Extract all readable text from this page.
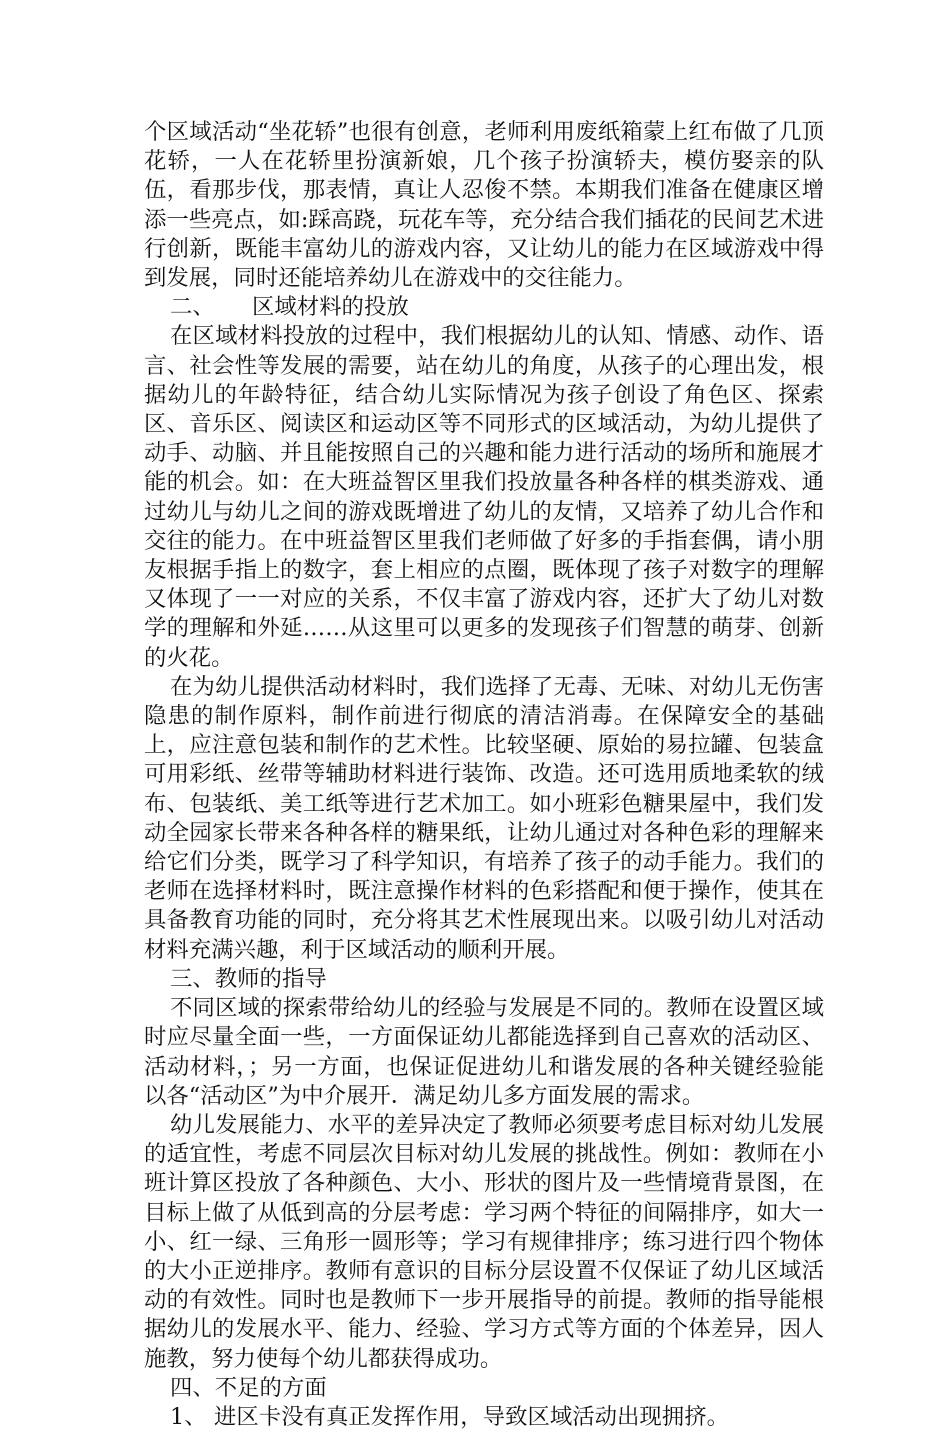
个区域活动“坐花轿”也很有创意，老师利用废纸箱蒙上红布做了几顶花轿，一人在花轿里扮演新娘，几个孩子扮演轿夫，模仿娶亲的队伍，看那步伐，那表情，真让人忍俊不禁。本期我们准备在健康区增添一些亮点，如:踩高跷，玩花车等，充分结合我们插花的民间艺术进行创新，既能丰富幼儿的游戏内容，又让幼儿的能力在区域游戏中得到发展，同时还能培养幼儿在游戏中的交往能力。

二、 区域材料的投放

在区域材料投放的过程中，我们根据幼儿的认知、情感、动作、语言、社会性等发展的需要，站在幼儿的角度，从孩子的心理出发，根据幼儿的年龄特征，结合幼儿实际情况为孩子创设了角色区、探索区、音乐区、阅读区和运动区等不同形式的区域活动，为幼儿提供了动手、动脑、并且能按照自己的兴趣和能力进行活动的场所和施展才能的机会。如：在大班益智区里我们投放量各种各样的棋类游戏、通过幼儿与幼儿之间的游戏既增进了幼儿的友情，又培养了幼儿合作和交往的能力。在中班益智区里我们老师做了好多的手指套偶，请小朋友根据手指上的数字，套上相应的点圈，既体现了孩子对数字的理解又体现了一一对应的关系，不仅丰富了游戏内容，还扩大了幼儿对数学的理解和外延……从这里可以更多的发现孩子们智慧的萌芽、创新的火花。

在为幼儿提供活动材料时，我们选择了无毒、无味、对幼儿无伤害隐患的制作原料，制作前进行彻底的清洁消毒。在保障安全的基础上，应注意包装和制作的艺术性。比较坚硬、原始的易拉罐、包装盒可用彩纸、丝带等辅助材料进行装饰、改造。还可选用质地柔软的绒布、包装纸、美工纸等进行艺术加工。如小班彩色糖果屋中，我们发动全园家长带来各种各样的糖果纸，让幼儿通过对各种色彩的理解来给它们分类，既学习了科学知识，有培养了孩子的动手能力。我们的老师在选择材料时，既注意操作材料的色彩搭配和便于操作，使其在具备教育功能的同时，充分将其艺术性展现出来。以吸引幼儿对活动材料充满兴趣，利于区域活动的顺利开展。

三、教师的指导

不同区域的探索带给幼儿的经验与发展是不同的。教师在设置区域时应尽量全面一些，一方面保证幼儿都能选择到自己喜欢的活动区、活动材料，；另一方面，也保证促进幼儿和谐发展的各种关键经验能以各“活动区”为中介展开．满足幼儿多方面发展的需求。

幼儿发展能力、水平的差异决定了教师必须要考虑目标对幼儿发展的适宜性，考虑不同层次目标对幼儿发展的挑战性。例如：教师在小班计算区投放了各种颜色、大小、形状的图片及一些情境背景图，在目标上做了从低到高的分层考虑：学习两个特征的间隔排序，如大一小、红一绿、三角形一圆形等；学习有规律排序；练习进行四个物体的大小正逆排序。教师有意识的目标分层设置不仅保证了幼儿区域活动的有效性。同时也是教师下一步开展指导的前提。教师的指导能根据幼儿的发展水平、能力、经验、学习方式等方面的个体差异，因人施教，努力使每个幼儿都获得成功。

四、不足的方面
1、 进区卡没有真正发挥作用，导致区域活动出现拥挤。
